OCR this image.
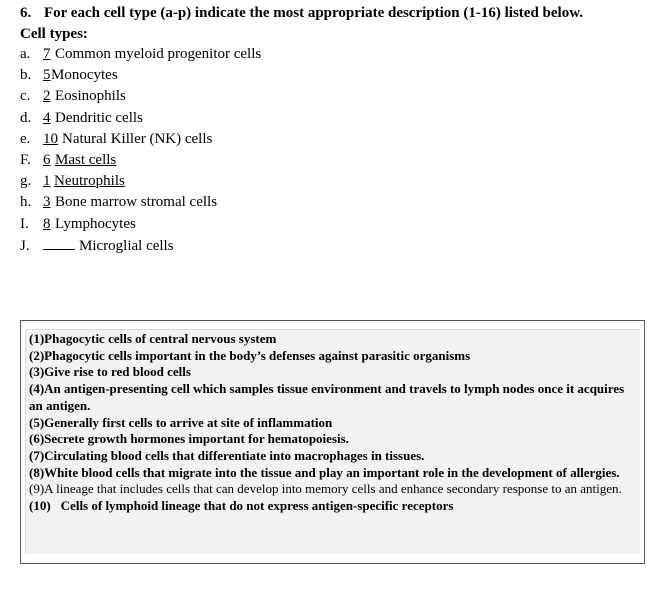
6. For each cell type (a-p) indicate the most appropriate description (1-16) listed below.
Cell types:
a. 7 Common myeloid progenitor cells
b. 5Monocytes
c. 2 Eosinophils
d. 4 Dendritic cells
e. 10 Natural Killer (NK) cells
F. 6 Mast cells
g. 1 Neutrophils
h. 3 Bone marrow stromal cells
I. 8 Lymphocytes
J.	Microglial cells

(1)Phagocytic cells of central nervous system

(2)Phagocytic cells important in the body’s defenses against parasitic organisms

(3)Give rise to red blood cells

(4)An antigen-presenting cell which samples tissue environment and travels to lymph nodes once it acquires an antigen.

(5)Generally first cells to arrive at site of inflammation

(6)Secrete growth hormones important for hematopoiesis.

(7)Circulating blood cells that differentiate into macrophages in tissues.

(8)White blood cells that migrate into the tissue and play an important role in the development of allergies.

(9)A lineage that includes cells that can develop into memory cells and enhance secondary response to an antigen.

(10) Cells of lymphoid lineage that do not express antigen-specific receptors
